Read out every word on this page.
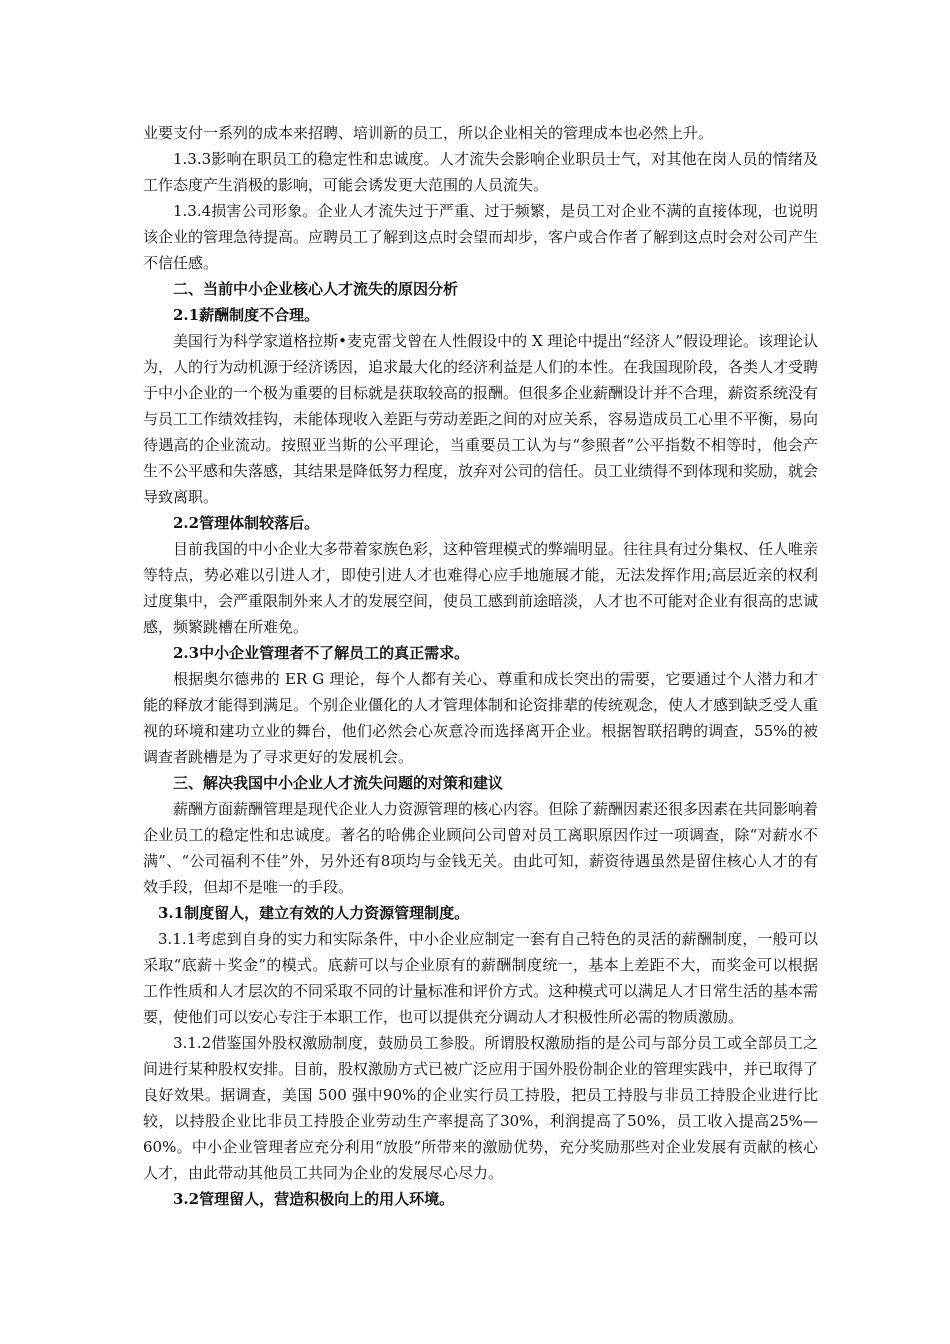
业要支付一系列的成本来招聘、培训新的员工，所以企业相关的管理成本也必然上升。

1.3.3影响在职员工的稳定性和忠诚度。人才流失会影响企业职员士气，对其他在岗人员的情绪及工作态度产生消极的影响，可能会诱发更大范围的人员流失。

1.3.4损害公司形象。企业人才流失过于严重、过于频繁，是员工对企业不满的直接体现，也说明该企业的管理急待提高。应聘员工了解到这点时会望而却步，客户或合作者了解到这点时会对公司产生不信任感。

二、当前中小企业核心人才流失的原因分析

2.1薪酬制度不合理。

美国行为科学家道格拉斯•麦克雷戈曾在人性假设中的 X 理论中提出“经济人”假设理论。该理论认为，人的行为动机源于经济诱因，追求最大化的经济利益是人们的本性。在我国现阶段，各类人才受聘于中小企业的一个极为重要的目标就是获取较高的报酬。但很多企业薪酬设计并不合理，薪资系统没有与员工工作绩效挂钩，未能体现收入差距与劳动差距之间的对应关系，容易造成员工心里不平衡，易向待遇高的企业流动。按照亚当斯的公平理论，当重要员工认为与“参照者”公平指数不相等时，他会产生不公平感和失落感，其结果是降低努力程度，放弃对公司的信任。员工业绩得不到体现和奖励，就会导致离职。

2.2管理体制较落后。

目前我国的中小企业大多带着家族色彩，这种管理模式的弊端明显。往往具有过分集权、任人唯亲等特点，势必难以引进人才，即使引进人才也难得心应手地施展才能，无法发挥作用;高层近亲的权利过度集中，会严重限制外来人才的发展空间，使员工感到前途暗淡，人才也不可能对企业有很高的忠诚感，频繁跳槽在所难免。

2.3中小企业管理者不了解员工的真正需求。

根据奥尔德弗的 ER G 理论，每个人都有关心、尊重和成长突出的需要，它要通过个人潜力和才能的释放才能得到满足。个别企业僵化的人才管理体制和论资排辈的传统观念，使人才感到缺乏受人重视的环境和建功立业的舞台，他们必然会心灰意冷而选择离开企业。根据智联招聘的调查，55%的被调查者跳槽是为了寻求更好的发展机会。

三、解决我国中小企业人才流失问题的对策和建议

薪酬方面薪酬管理是现代企业人力资源管理的核心内容。但除了薪酬因素还很多因素在共同影响着企业员工的稳定性和忠诚度。著名的哈佛企业顾问公司曾对员工离职原因作过一项调查，除“对薪水不满”、“公司福利不佳”外，另外还有8项均与金钱无关。由此可知，薪资待遇虽然是留住核心人才的有效手段，但却不是唯一的手段。

3.1制度留人，建立有效的人力资源管理制度。

3.1.1考虑到自身的实力和实际条件，中小企业应制定一套有自己特色的灵活的薪酬制度，一般可以采取“底薪＋奖金”的模式。底薪可以与企业原有的薪酬制度统一，基本上差距不大，而奖金可以根据工作性质和人才层次的不同采取不同的计量标准和评价方式。这种模式可以满足人才日常生活的基本需要，使他们可以安心专注于本职工作，也可以提供充分调动人才积极性所必需的物质激励。

3.1.2借鉴国外股权激励制度，鼓励员工参股。所谓股权激励指的是公司与部分员工或全部员工之间进行某种股权安排。目前，股权激励方式已被广泛应用于国外股份制企业的管理实践中，并已取得了良好效果。据调查，美国 500 强中90%的企业实行员工持股，把员工持股与非员工持股企业进行比较，以持股企业比非员工持股企业劳动生产率提高了30%，利润提高了50%，员工收入提高25%—60%。中小企业管理者应充分利用“放股”所带来的激励优势，充分奖励那些对企业发展有贡献的核心人才，由此带动其他员工共同为企业的发展尽心尽力。

3.2管理留人，营造积极向上的用人环境。
